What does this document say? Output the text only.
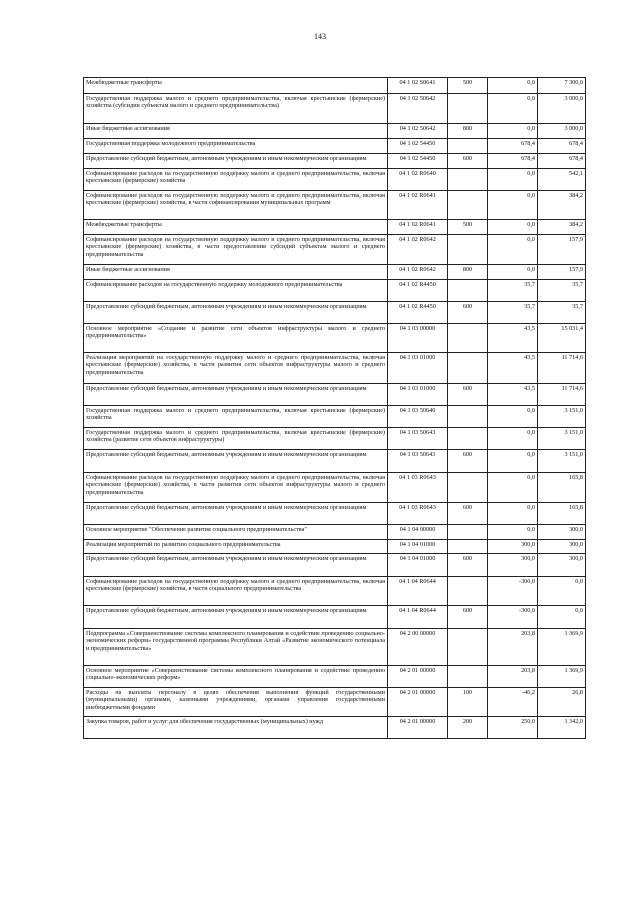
143
Межбюджетные трансферты	04 1 02 S0641	500	0,0	7 300,0
Государственная поддержка малого и среднего предпринимательства, включая крестьянские (фермерские) хозяйства (субсидии субъектам малого и среднего предпринимательства)	04 1 02 50642		0,0	3 000,0
Иные бюджетные ассигнования	04 1 02 50642	800	0,0	3 000,0
Государственная поддержка молодежного предпринимательства	04 1 02 54450		678,4	678,4
Предоставление субсидий бюджетным, автономным учреждениям и иным некоммерческим организациям	04 1 02 54450	600	678,4	678,4
Софинансирование расходов на государственную поддержку малого и среднего предпринимательства, включая крестьянские (фермерские) хозяйства	04 1 02 R0640		0,0	542,1
Софинансирование расходов на государственную поддержку малого и среднего предпринимательства, включая крестьянские (фермерские) хозяйства, в части софинансирования муниципальных программ	04 1 02 R0641		0,0	384,2
Межбюджетные трансферты	04 1 02 R0641	500	0,0	384,2
Софинансирование расходов на государственную поддержку малого и среднего предпринимательства, включая крестьянские (фермерские) хозяйства, в части предоставления субсидий субъектам малого и среднего предпринимательства	04 1 02 R0642		0,0	157,9
Иные бюджетные ассигнования	04 1 02 R0642	800	0,0	157,9
Софинансирование расходов на государственную поддержку молодежного предпринимательства	04 1 02 R4450		35,7	35,7
Предоставление субсидий бюджетным, автономным учреждениям и иным некоммерческим организациям	04 1 02 R4450	600	35,7	35,7
Основное мероприятие «Создание и развитие сети объектов инфраструктуры малого и среднего предпринимательства»	04 1 03 00000		43,5	15 031,4
Реализация мероприятий на государственную поддержку малого и среднего предпринимательства, включая крестьянские (фермерские) хозяйства, в части развития сети объектов инфраструктуры малого и среднего предпринимательства	04 1 03 01000		43,5	11 714,6
Предоставление субсидий бюджетным, автономным учреждениям и иным некоммерческим организациям	04 1 03 01000	600	43,5	11 714,6
Государственная поддержка малого и среднего предпринимательства, включая крестьянские (фермерские) хозяйства	04 1 03 50640		0,0	3 151,0
Государственная поддержка малого и среднего предпринимательства, включая крестьянские (фермерские) хозяйства (развитие сети объектов инфраструктуры)	04 1 03 50643		0,0	3 151,0
Предоставление субсидий бюджетным, автономным учреждениям и иным некоммерческим организациям	04 1 03 50643	600	0,0	3 151,0
Софинансирование расходов на государственную поддержку малого и среднего предпринимательства, включая крестьянские (фермерские) хозяйства, в части развития сети объектов инфраструктуры малого и среднего предпринимательства	04 1 03 R0643		0,0	165,8
Предоставление субсидий бюджетным, автономным учреждениям и иным некоммерческим организациям	04 1 03 R0643	600	0,0	165,8
Основное мероприятие "Обеспечение развития социального предпринимательства"	04 1 04 00000		0,0	300,0
Реализация мероприятий по развитию социального предпринимательства	04 1 04 01000		300,0	300,0
Предоставление субсидий бюджетным, автономным учреждениям и иным некоммерческим организациям	04 1 04 01000	600	300,0	300,0
Софинансирование расходов на государственную поддержку малого и среднего предпринимательства, включая крестьянские (фермерские) хозяйства, в части социального предпринимательства	04 1 04 R0644		-300,0	0,0
Предоставление субсидий бюджетным, автономным учреждениям и иным некоммерческим организациям	04 1 04 R0644	600	-300,0	0,0
Подпрограмма «Совершенствование системы комплексного планирования и содействие проведению социально-экономических реформ» государственной программы Республики Алтай «Развитие экономического потенциала и предпринимательства»	04 2 00 00000		203,8	1 369,9
Основное мероприятие «Совершенствование системы комплексного планирования и содействие проведению социально-экономических реформ»	04 2 01 00000		203,8	1 369,9
Расходы на выплаты персоналу в целях обеспечения выполнения функций государственными (муниципальными) органами, казенными учреждениями, органами управления государственными внебюджетными фондами	04 2 01 00000	100	-46,2	26,8
Закупка товаров, работ и услуг для обеспечения государственных (муниципальных) нужд	04 2 01 00000	200	250,0	1 342,0
